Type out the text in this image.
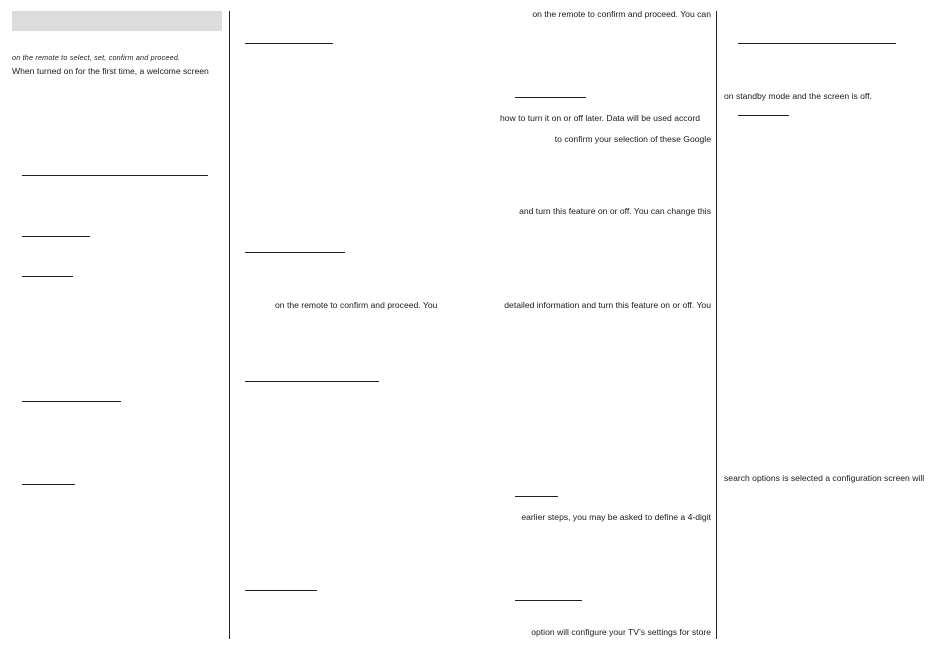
on the remote to select, set, confirm and proceed.
When turned on for the first time, a welcome screen
on the remote to confirm and proceed. You
on the remote to confirm and proceed. You can
how to turn it on or off later. Data will be used accord
to confirm your selection of these Google
and turn this feature on or off. You can change this
detailed information and turn this feature on or off. You
earlier steps, you may be asked to define a 4-digit
option will configure your TV’s settings for store
on standby mode and the screen is off.
search options is selected a configuration screen will
